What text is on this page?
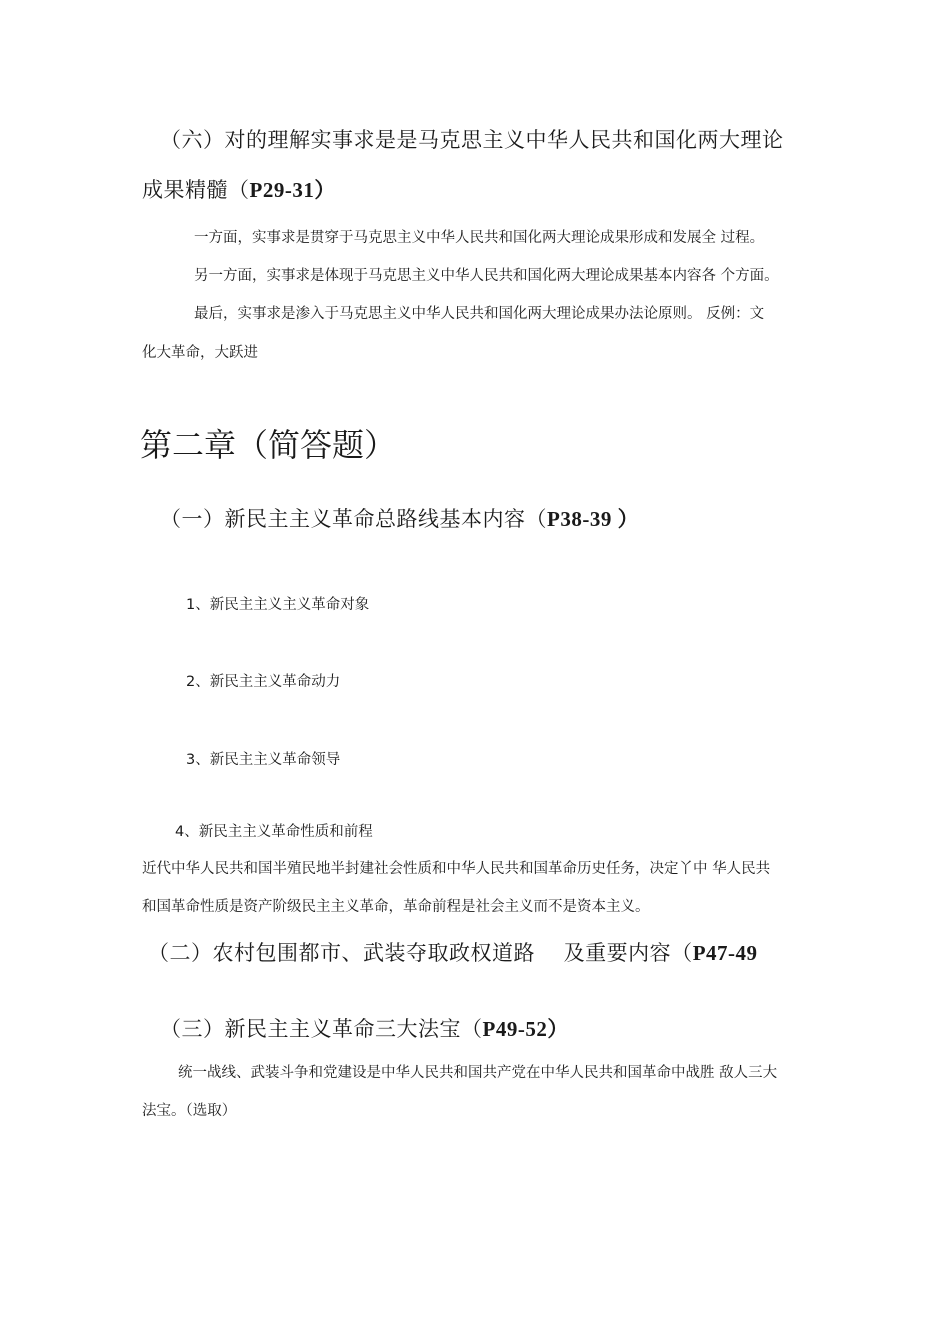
（六）对的理解实事求是是马克思主义中华人民共和国化两大理论

成果精髓（P29-31）

一方面，实事求是贯穿于马克思主义中华人民共和国化两大理论成果形成和发展全 过程。

另一方面，实事求是体现于马克思主义中华人民共和国化两大理论成果基本内容各 个方面。

最后，实事求是渗入于马克思主义中华人民共和国化两大理论成果办法论原则。 反例：文

化大革命，大跃进

第二章（简答题）

（一）新民主主义革命总路线基本内容（P38-39 ）

1、新民主主义主义革命对象

2、新民主主义革命动力

3、新民主主义革命领导

4、新民主主义革命性质和前程

近代中华人民共和国半殖民地半封建社会性质和中华人民共和国革命历史任务，决定丫中 华人民共

和国革命性质是资产阶级民主主义革命，革命前程是社会主义而不是资本主义。

（二）农村包围都市、武装夺取政权道路　 及重要内容（P47-49

（三）新民主主义革命三大法宝（P49-52）

统一战线、武装斗争和党建设是中华人民共和国共产党在中华人民共和国革命中战胜 敌人三大

法宝。（选取）
